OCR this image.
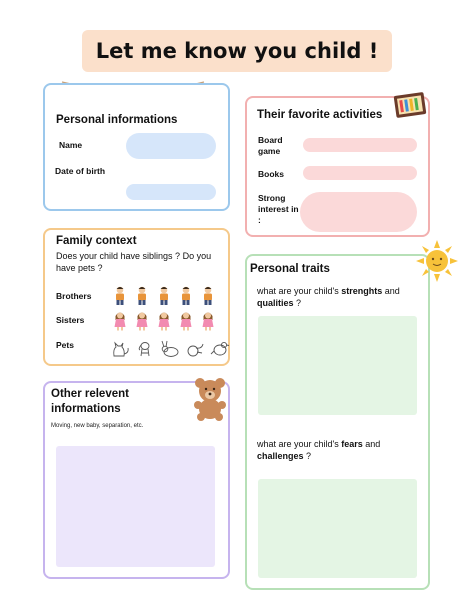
Let me know you child !
Personal informations
Name
Date of birth
Their favorite activities
Board game
Books
Strong interest in :
Family context
Does your child have siblings ? Do you have pets ?
Brothers
Sisters
Pets
Personal traits
what are your child's strenghts and qualities ?
what are your child's fears and challenges ?
Other relevent informations
Moving, new baby, separation, etc.
